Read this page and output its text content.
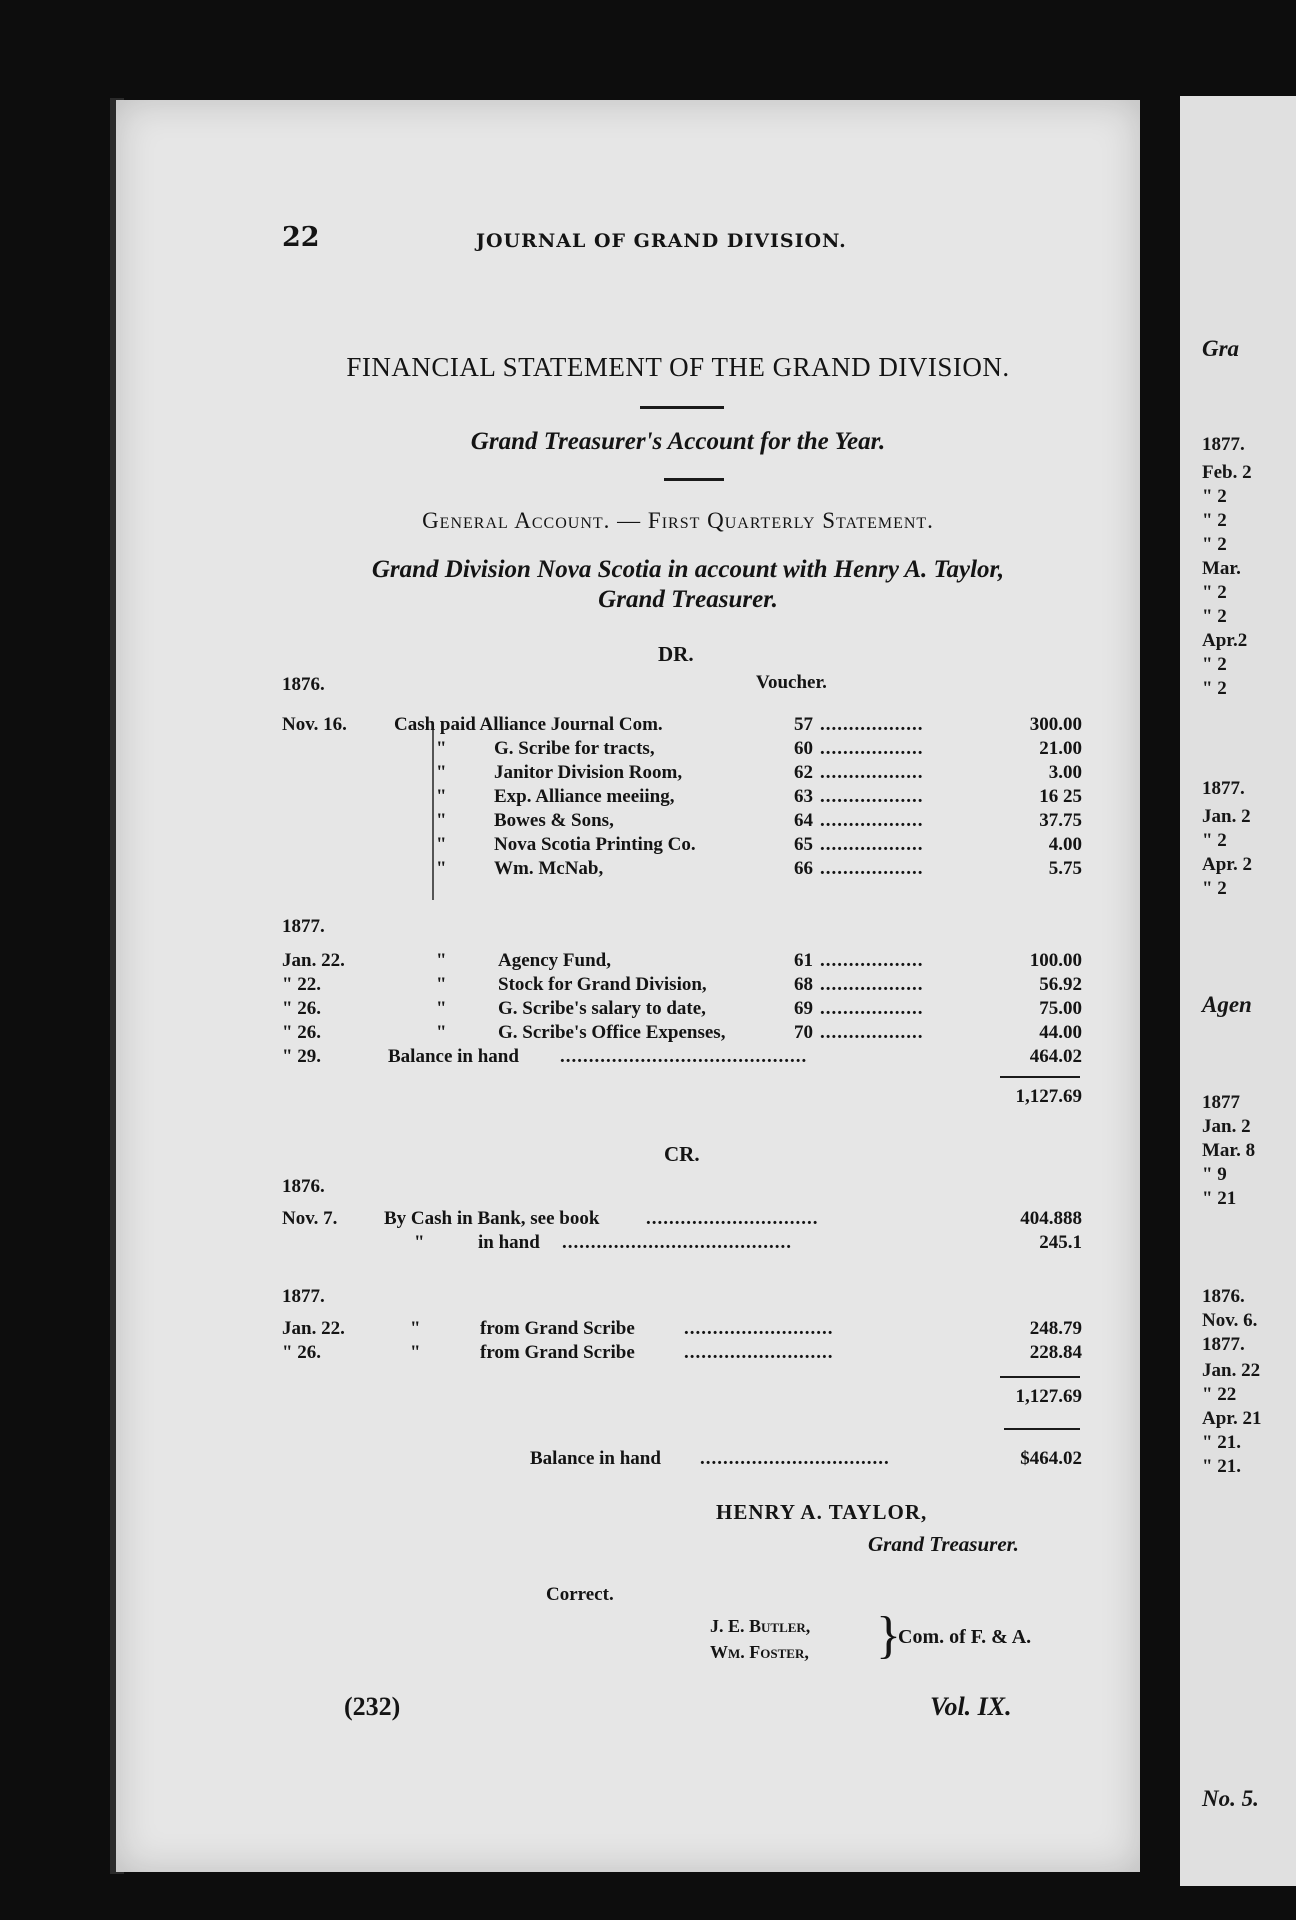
Gra
1877.
Feb. 2
" 2
" 2
" 2
Mar.
" 2
" 2
Apr.2
" 2
" 2
1877.
Jan. 2
" 2
Apr. 2
" 2
Agen
1877
Jan. 2
Mar. 8
" 9
" 21
1876.
Nov. 6.
1877.
Jan. 22
" 22
Apr. 21
" 21.
" 21.
No. 5.
22	JOURNAL OF GRAND DIVISION.
FINANCIAL STATEMENT OF THE GRAND DIVISION.
Grand Treasurer's Account for the Year.
General Account. — First Quarterly Statement.
Grand Division Nova Scotia in account with Henry A. Taylor,
Grand Treasurer.
DR.
1876.	Voucher.
Nov. 16. Cash paid Alliance Journal Com.	57 ..................	300.00
" G. Scribe for tracts,	60 ..................	21.00
" Janitor Division Room,	62 ..................	3.00
" Exp. Alliance meeiing,	63 ..................	16 25
" Bowes & Sons,	64 ..................	37.75
" Nova Scotia Printing Co.	65 ..................	4.00
" Wm. McNab,	66 ..................	5.75
Jan. 22.	"	Agency Fund,	61 ..................	100.00
" 22.	"	Stock for Grand Division,	68 ..................	56.92
" 26.	"	G. Scribe's salary to date,	69 ..................	75.00
" 26.	"	G. Scribe's Office Expenses,	70 ..................	44.00
" 29.	Balance in hand ...........................................	464.02
1877.
1,127.69
CR.
1876.
1877.
Nov. 7. By Cash in Bank, see book ..............................	404.888
"	in hand ........................................	245.1
Jan. 22.	"	from Grand Scribe	..........................	248.79
" 26.	"	from Grand Scribe	..........................	228.84
1,127.69
Balance in hand .................................	$464.02
HENRY A. TAYLOR,
Grand Treasurer.
Correct.
J. E. Butler,
Wm. Foster, }
Com. of F. & A.
(232)	Vol. IX.
